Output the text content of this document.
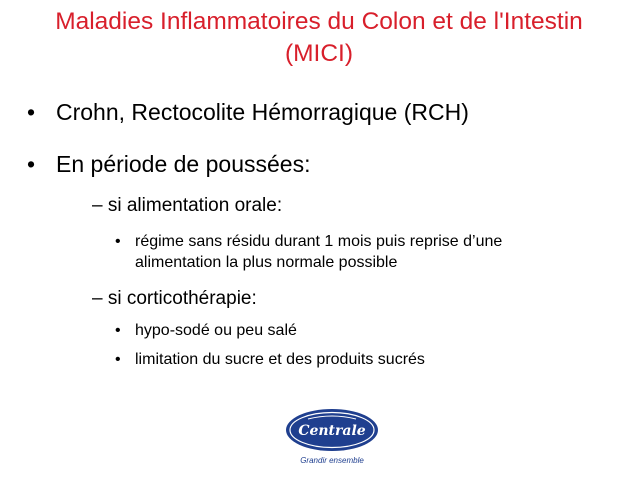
Maladies Inflammatoires du Colon et de l'Intestin
(MICI)
• Crohn, Rectocolite Hémorragique (RCH)
• En période de poussées:
– si alimentation orale:
• régime sans résidu durant 1 mois puis reprise d’une
alimentation la plus normale possible
– si corticothérapie:
• hypo-sodé ou peu salé
• limitation du sucre et des produits sucrés
Centrale
Grandir ensemble
